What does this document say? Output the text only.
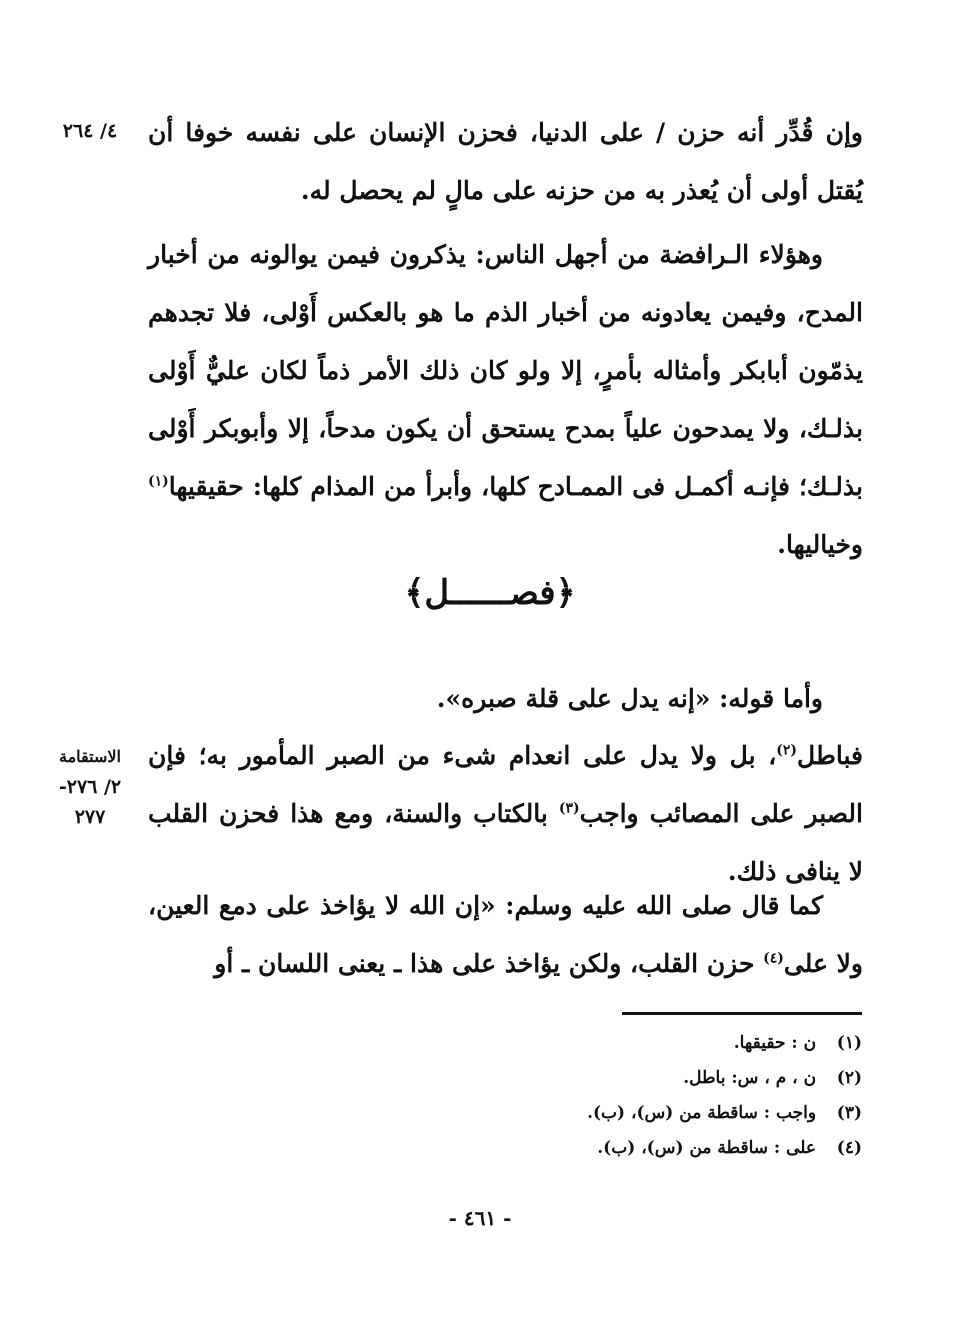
٤/ ٢٦٤	وإن قُدِّر أنه حزن / على الدنيا، فحزن الإنسان على نفسه خوفا أن يُقتل أولى أن يُعذر به من حزنه على مالٍ لم يحصل له.

وهؤلاء الـرافضة من أجهل الناس: يذكرون فيمن يوالونه من أخبار المدح، وفيمن يعادونه من أخبار الذم ما هو بالعكس أَوْلى، فلا تجدهم يذمّون أبابكر وأمثاله بأمرٍ، إلا ولو كان ذلك الأمر ذماً لكان عليٌّ أَوْلى بذلـك، ولا يمدحون علياً بمدح يستحق أن يكون مدحاً، إلا وأبوبكر أَوْلى بذلـك؛ فإنـه أكمـل فى الممـادح كلها، وأبرأ من المذام كلها: حقيقيها$^{(١)}$ وخياليها.

﴿فصــــــل﴾

وأما قوله: «إنه يدل على قلة صبره».

الاستقامة
٢/ ٢٧٦-
٢٧٧

فباطل$^{(٢)}$، بل ولا يدل على انعدام شىء من الصبر المأمور به؛ فإن الصبر على المصائب واجب$^{(٣)}$ بالكتاب والسنة، ومع هذا فحزن القلب لا ينافى ذلك.

كما قال صلى الله عليه وسلم: «إن الله لا يؤاخذ على دمع العين، ولا على$^{(٤)}$ حزن القلب، ولكن يؤاخذ على هذا ـ يعنى اللسان ـ أو

(١) ن : حقيقها.
(٢) ن ، م ، س: باطل.
(٣) واجب : ساقطة من (س)، (ب).
(٤) على : ساقطة من (س)، (ب).
- ٤٦١ -
